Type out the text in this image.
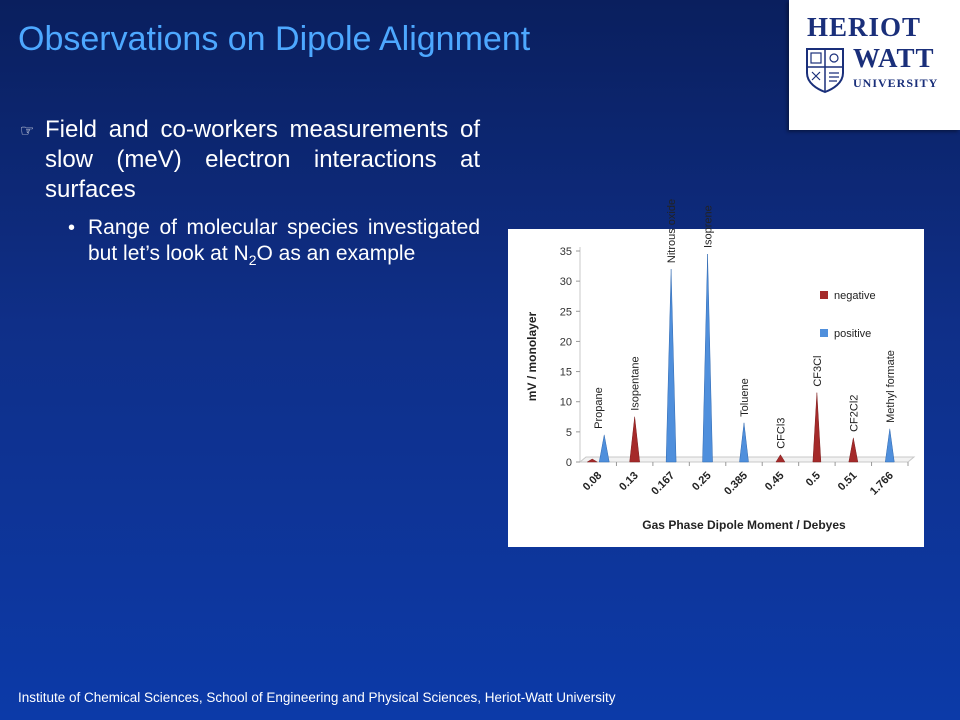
Observations on Dipole Alignment	HERIOT
WATT
UNIVERSITY
☞ Field and co-workers measurements of slow (meV) electron interactions at surfaces
• Range of molecular species investigated but let’s look at $N_2O$ as an example
0
5
10
15
20
25
30
35
mV / monolayer
0.08
Propane
0.13
Isopentane
0.167
Nitrous oxide
0.25
Isoprene
0.385
Toluene
0.45
CFCl3
0.5
CF3Cl
0.51
CF2Cl2
1.766
Methyl formate
Gas Phase Dipole Moment / Debyes
negative
positive
Institute of Chemical Sciences, School of Engineering and Physical Sciences, Heriot-Watt University
